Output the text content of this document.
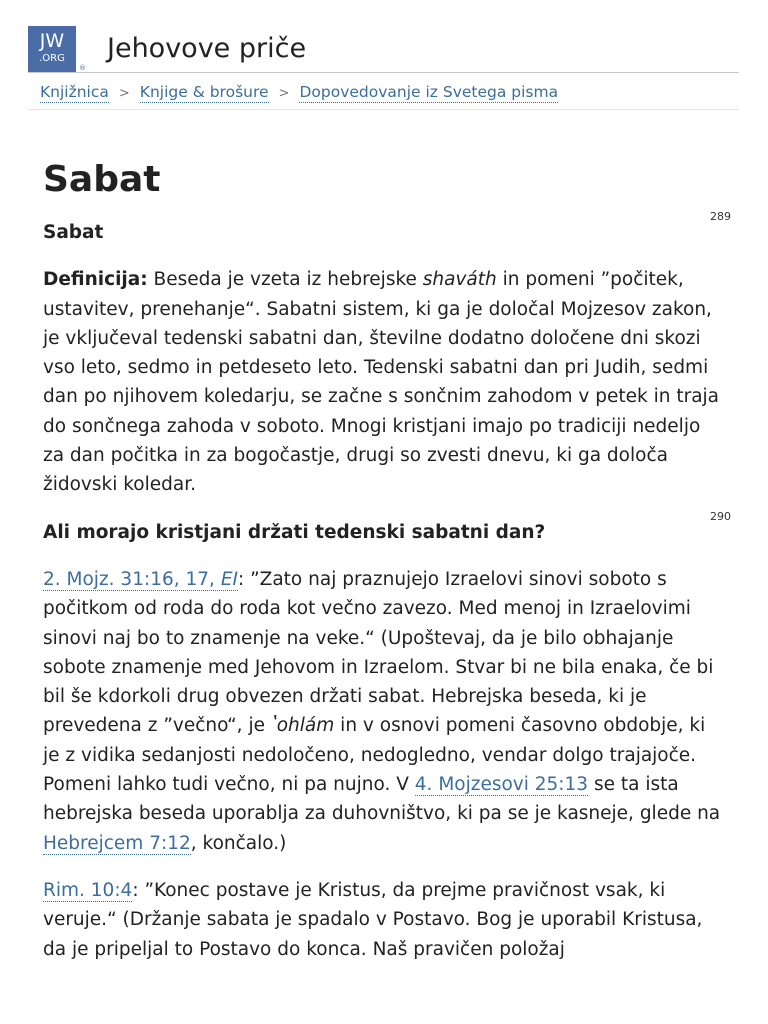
JW
.ORG
®
Jehovove priče
Knjižnica > Knjige & brošure > Dopovedovanje iz Svetega pisma
Sabat

Sabat
289

Definicija: Beseda je vzeta iz hebrejske shaváth in pomeni ”počitek, ustavitev, prenehanje“. Sabatni sistem, ki ga je določal Mojzesov zakon, je vključeval tedenski sabatni dan, številne dodatno določene dni skozi vso leto, sedmo in petdeseto leto. Tedenski sabatni dan pri Judih, sedmi dan po njihovem koledarju, se začne s sončnim zahodom v petek in traja do sončnega zahoda v soboto. Mnogi kristjani imajo po tradiciji nedeljo za dan počitka in za bogočastje, drugi so zvesti dnevu, ki ga določa židovski koledar.

Ali morajo kristjani držati tedenski sabatni dan?
290

2. Mojz. 31:16, 17, EI: ”Zato naj praznujejo Izraelovi sinovi soboto s počitkom od roda do roda kot večno zavezo. Med menoj in Izraelovimi sinovi naj bo to znamenje na veke.“ (Upoštevaj, da je bilo obhajanje sobote znamenje med Jehovom in Izraelom. Stvar bi ne bila enaka, če bi bil še kdorkoli drug obvezen držati sabat. Hebrejska beseda, ki je prevedena z ”večno“, je ʽohlám in v osnovi pomeni časovno obdobje, ki je z vidika sedanjosti nedoločeno, nedogledno, vendar dolgo trajajoče. Pomeni lahko tudi večno, ni pa nujno. V 4. Mojzesovi 25:13 se ta ista hebrejska beseda uporablja za duhovništvo, ki pa se je kasneje, glede na Hebrejcem 7:12, končalo.)

Rim. 10:4: ”Konec postave je Kristus, da prejme pravičnost vsak, ki veruje.“ (Držanje sabata je spadalo v Postavo. Bog je uporabil Kristusa, da je pripeljal to Postavo do konca. Naš pravičen položaj
